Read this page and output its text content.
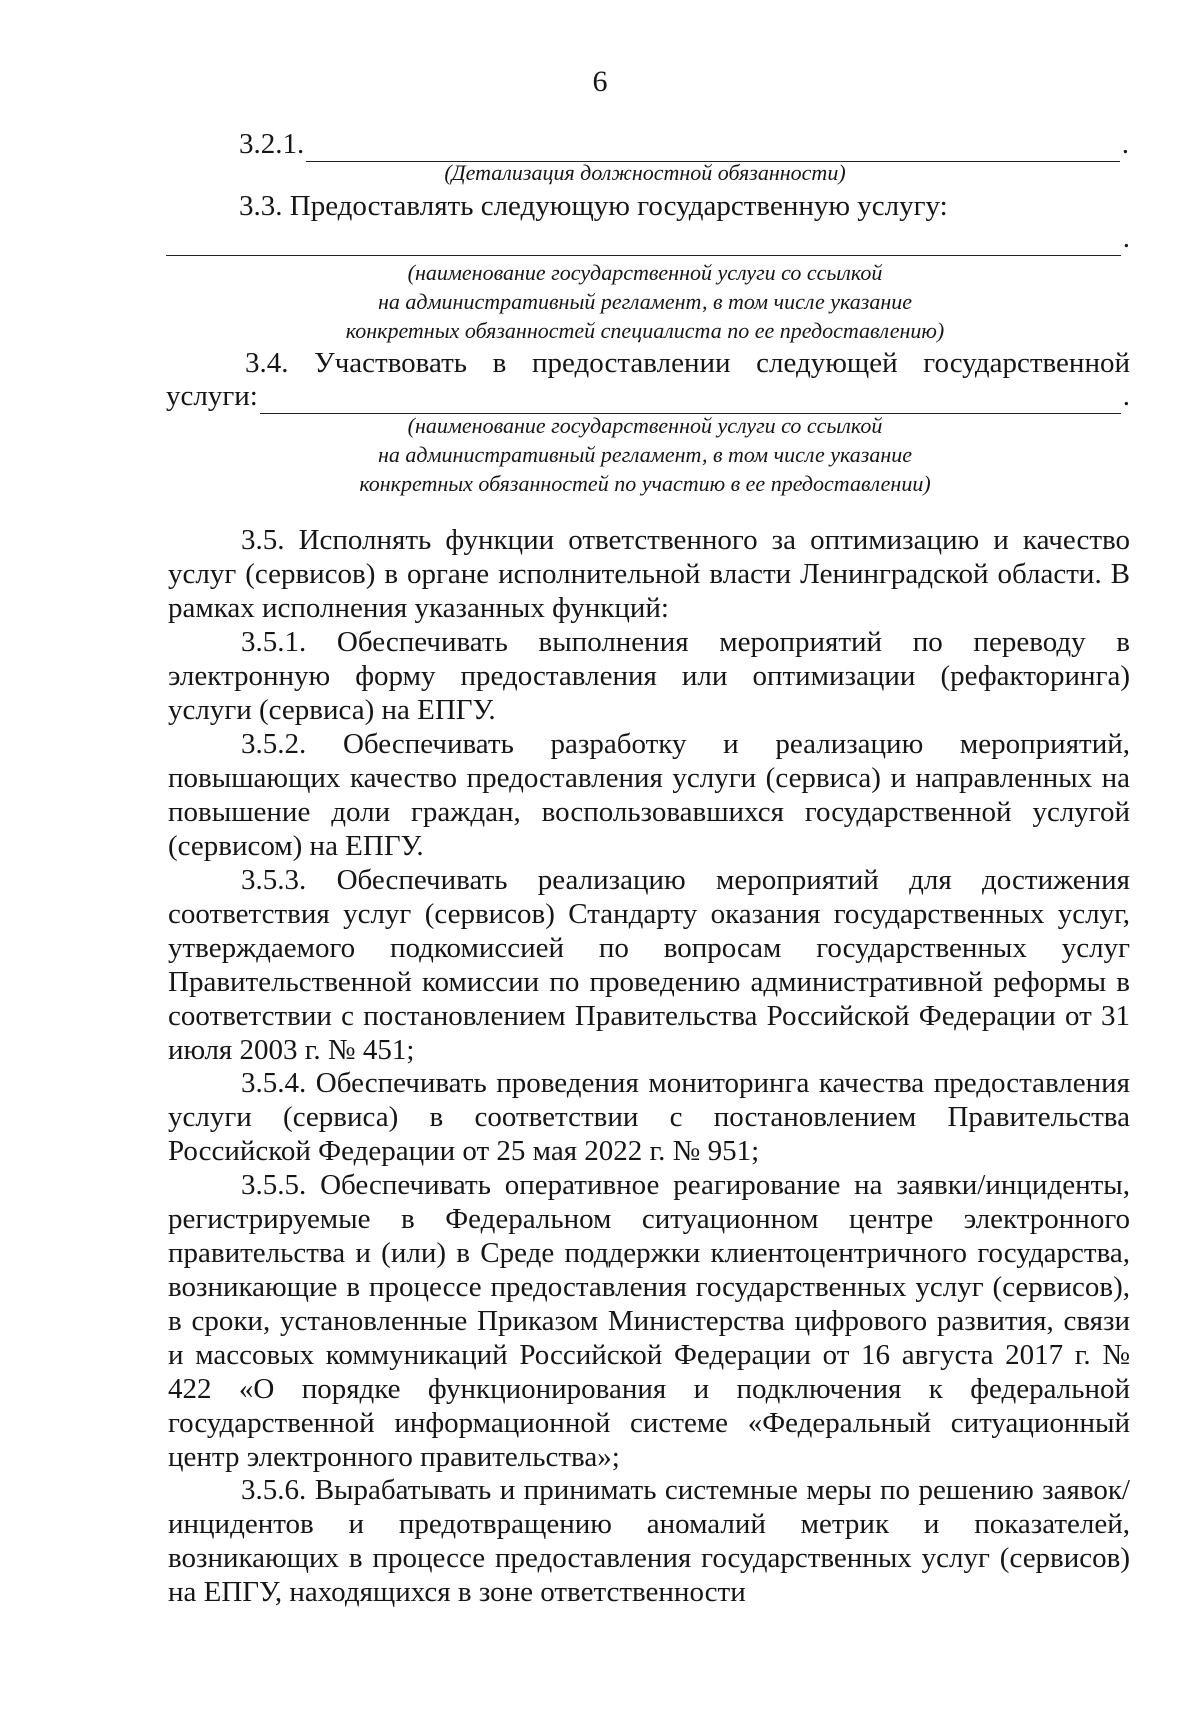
6
3.2.1.	.
(Детализация должностной обязанности)
3.3. Предоставлять следующую государственную услугу:
.
(наименование государственной услуги со ссылкой
на административный регламент, в том числе указание
конкретных обязанностей специалиста по ее предоставлению)
3.4. Участвовать в предоставлении следующей государственной
услуги:	.
(наименование государственной услуги со ссылкой
на административный регламент, в том числе указание
конкретных обязанностей по участию в ее предоставлении)
3.5. Исполнять функции ответственного за оптимизацию и качество услуг (сервисов) в органе исполнительной власти Ленинградской области. В рамках исполнения указанных функций:
3.5.1. Обеспечивать выполнения мероприятий по переводу в электронную форму предоставления или оптимизации (рефакторинга) услуги (сервиса) на ЕПГУ.
3.5.2. Обеспечивать разработку и реализацию мероприятий, повышающих качество предоставления услуги (сервиса) и направленных на повышение доли граждан, воспользовавшихся государственной услугой (сервисом) на ЕПГУ.
3.5.3. Обеспечивать реализацию мероприятий для достижения соответствия услуг (сервисов) Стандарту оказания государственных услуг, утверждаемого подкомиссией по вопросам государственных услуг Правительственной комиссии по проведению административной реформы в соответствии с постановлением Правительства Российской Федерации от 31 июля 2003 г. № 451;
3.5.4. Обеспечивать проведения мониторинга качества предоставления услуги (сервиса) в соответствии с постановлением Правительства Российской Федерации от 25 мая 2022 г. № 951;
3.5.5. Обеспечивать оперативное реагирование на заявки/инциденты, регистрируемые в Федеральном ситуационном центре электронного правительства и (или) в Среде поддержки клиентоцентричного государства, возникающие в процессе предоставления государственных услуг (сервисов), в сроки, установленные Приказом Министерства цифрового развития, связи и массовых коммуникаций Российской Федерации от 16 августа 2017 г. № 422 «О порядке функционирования и подключения к федеральной государственной информационной системе «Федеральный ситуационный центр электронного правительства»;
3.5.6. Вырабатывать и принимать системные меры по решению заявок/инцидентов и предотвращению аномалий метрик и показателей, возникающих в процессе предоставления государственных услуг (сервисов) на ЕПГУ, находящихся в зоне ответственности
